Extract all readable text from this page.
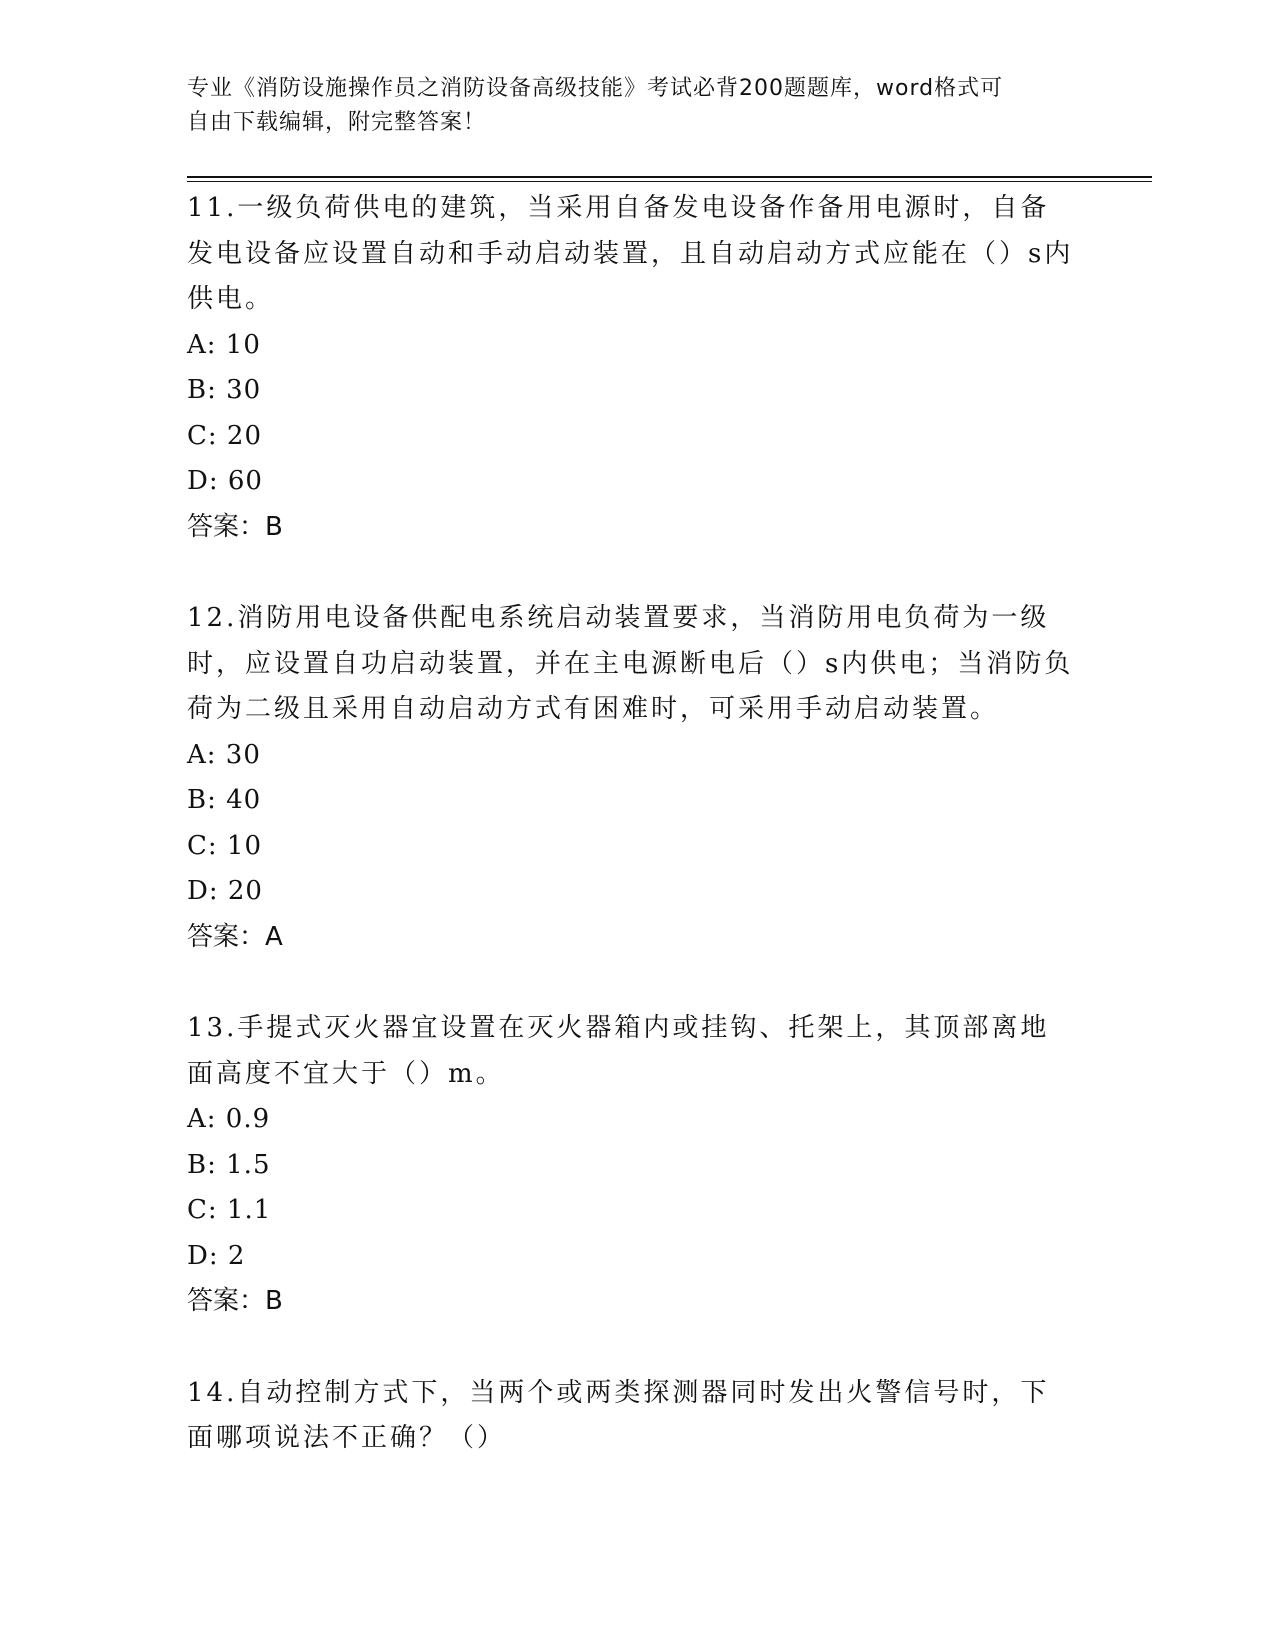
专业《消防设施操作员之消防设备高级技能》考试必背200题题库，word格式可
自由下载编辑，附完整答案！

11.一级负荷供电的建筑，当采用自备发电设备作备用电源时，自备发电设备应设置自动和手动启动装置，且自动启动方式应能在（）s内供电。

A: 10

B: 30

C: 20

D: 60

答案：B

12.消防用电设备供配电系统启动装置要求，当消防用电负荷为一级时，应设置自功启动装置，并在主电源断电后（）s内供电；当消防负荷为二级且采用自动启动方式有困难时，可采用手动启动装置。

A: 30

B: 40

C: 10

D: 20

答案：A

13.手提式灭火器宜设置在灭火器箱内或挂钩、托架上，其顶部离地面高度不宜大于（）m。

A: 0.9

B: 1.5

C: 1.1

D: 2

答案：B

14.自动控制方式下，当两个或两类探测器同时发出火警信号时，下面哪项说法不正确？（）
